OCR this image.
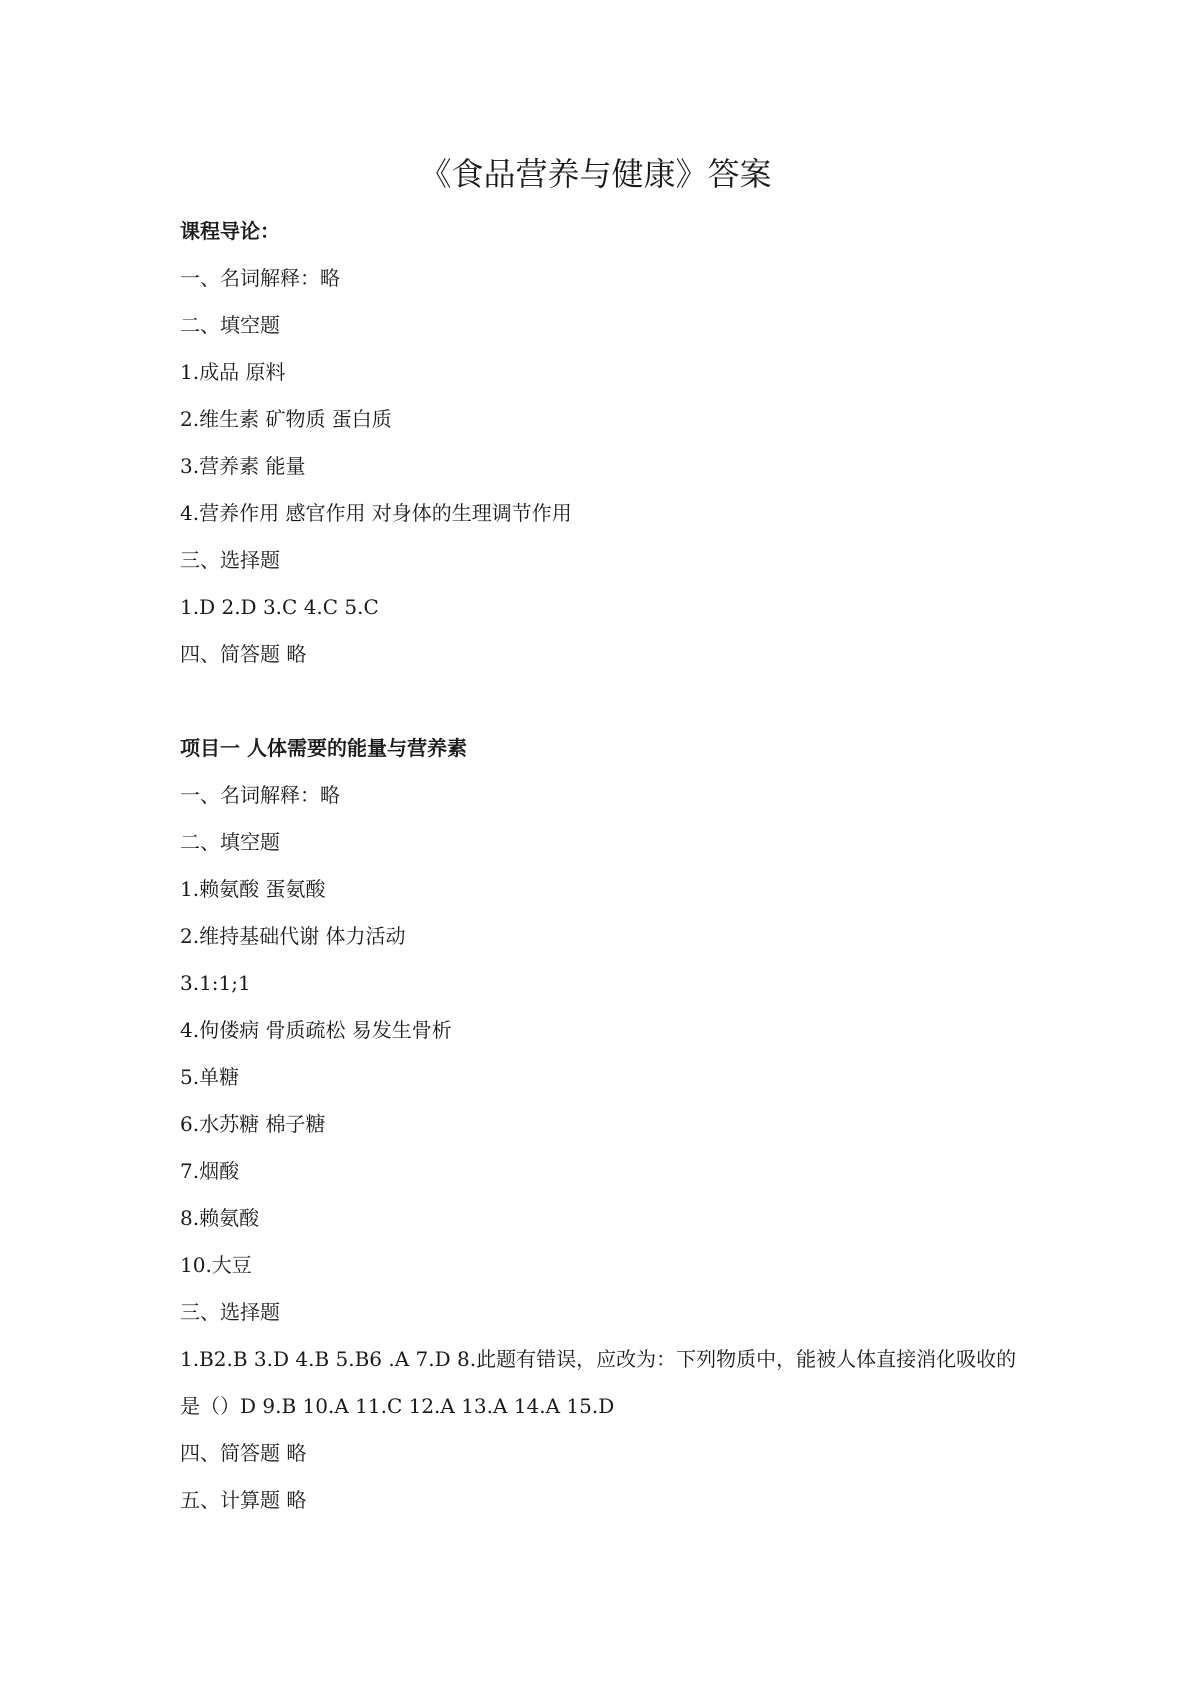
《食品营养与健康》答案
课程导论：
一、名词解释：略
二、填空题
1.成品 原料
2.维生素 矿物质 蛋白质
3.营养素 能量
4.营养作用 感官作用 对身体的生理调节作用
三、选择题
1.D 2.D 3.C 4.C 5.C
四、简答题 略
项目一 人体需要的能量与营养素
一、名词解释：略
二、填空题
1.赖氨酸 蛋氨酸
2.维持基础代谢 体力活动
3.1:1;1
4.佝偻病 骨质疏松 易发生骨析
5.单糖
6.水苏糖 棉子糖
7.烟酸
8.赖氨酸
10.大豆
三、选择题
1.B2.B 3.D 4.B 5.B6 .A 7.D 8.此题有错误，应改为：下列物质中，能被人体直接消化吸收的
是（）D 9.B 10.A 11.C 12.A 13.A 14.A 15.D
四、简答题 略
五、计算题 略
